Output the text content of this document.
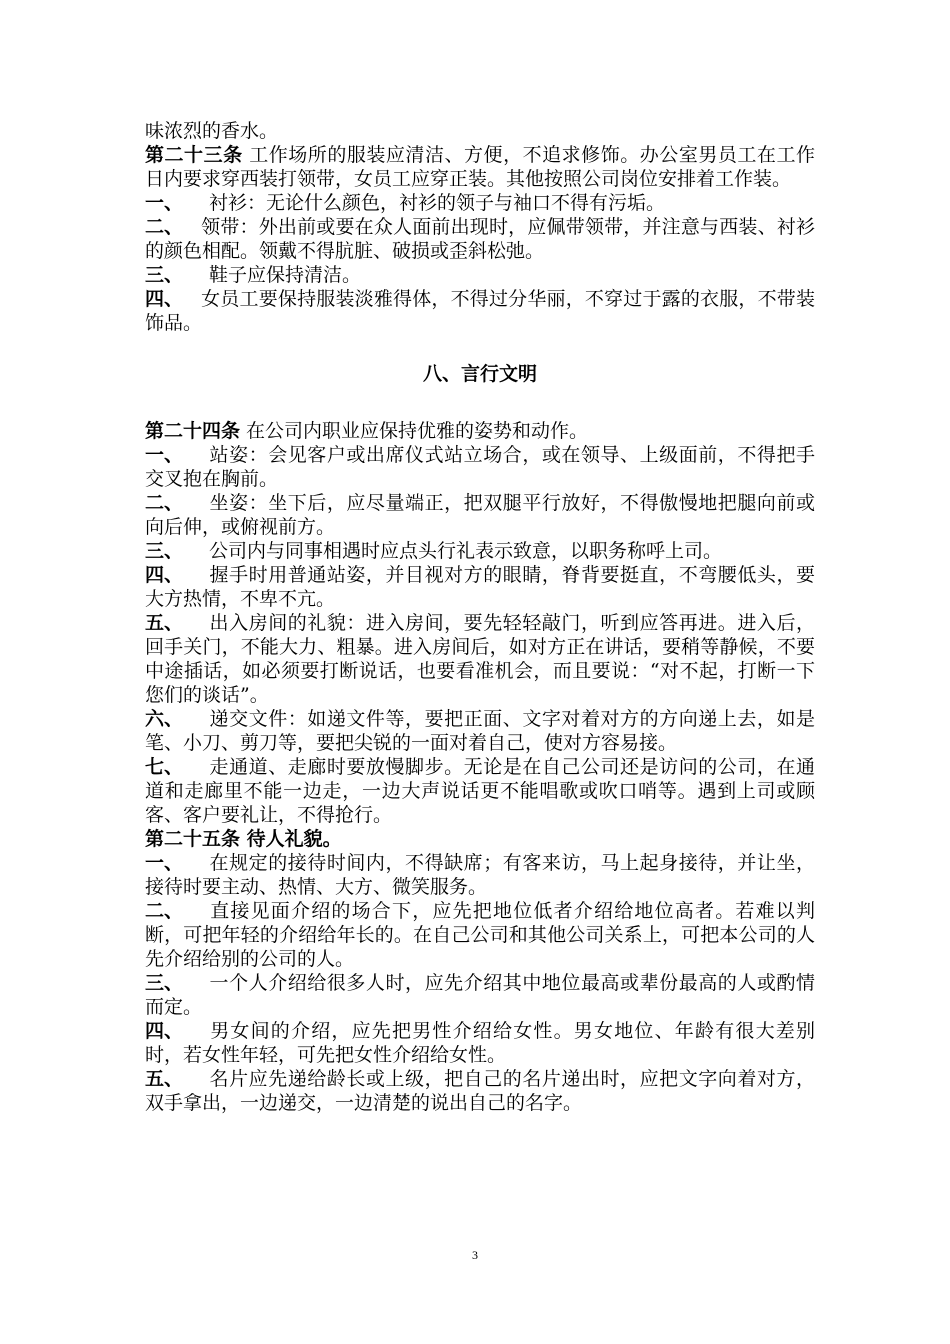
味浓烈的香水。

第二十三条 工作场所的服装应清洁、方便，不追求修饰。办公室男员工在工作日内要求穿西装打领带，女员工应穿正装。其他按照公司岗位安排着工作装。

一、 衬衫：无论什么颜色，衬衫的领子与袖口不得有污垢。

二、 领带：外出前或要在众人面前出现时，应佩带领带，并注意与西装、衬衫的颜色相配。领戴不得肮脏、破损或歪斜松弛。

三、 鞋子应保持清洁。

四、 女员工要保持服装淡雅得体，不得过分华丽，不穿过于露的衣服，不带装饰品。

八、言行文明

第二十四条 在公司内职业应保持优雅的姿势和动作。

一、 站姿：会见客户或出席仪式站立场合，或在领导、上级面前，不得把手交叉抱在胸前。

二、 坐姿：坐下后，应尽量端正，把双腿平行放好，不得傲慢地把腿向前或向后伸，或俯视前方。

三、 公司内与同事相遇时应点头行礼表示致意，以职务称呼上司。

四、 握手时用普通站姿，并目视对方的眼睛，脊背要挺直，不弯腰低头，要大方热情，不卑不亢。

五、 出入房间的礼貌：进入房间，要先轻轻敲门，听到应答再进。进入后，回手关门，不能大力、粗暴。进入房间后，如对方正在讲话，要稍等静候，不要中途插话，如必须要打断说话，也要看准机会，而且要说：“对不起，打断一下您们的谈话”。

六、 递交文件：如递文件等，要把正面、文字对着对方的方向递上去，如是笔、小刀、剪刀等，要把尖锐的一面对着自己，使对方容易接。

七、 走通道、走廊时要放慢脚步。无论是在自己公司还是访问的公司，在通道和走廊里不能一边走，一边大声说话更不能唱歌或吹口哨等。遇到上司或顾客、客户要礼让，不得抢行。

第二十五条 待人礼貌。

一、 在规定的接待时间内，不得缺席；有客来访，马上起身接待，并让坐，接待时要主动、热情、大方、微笑服务。

二、 直接见面介绍的场合下，应先把地位低者介绍给地位高者。若难以判断，可把年轻的介绍给年长的。在自己公司和其他公司关系上，可把本公司的人先介绍给别的公司的人。

三、 一个人介绍给很多人时，应先介绍其中地位最高或辈份最高的人或酌情而定。

四、 男女间的介绍，应先把男性介绍给女性。男女地位、年龄有很大差别时，若女性年轻，可先把女性介绍给女性。

五、 名片应先递给龄长或上级，把自己的名片递出时，应把文字向着对方，双手拿出，一边递交，一边清楚的说出自己的名字。

3
